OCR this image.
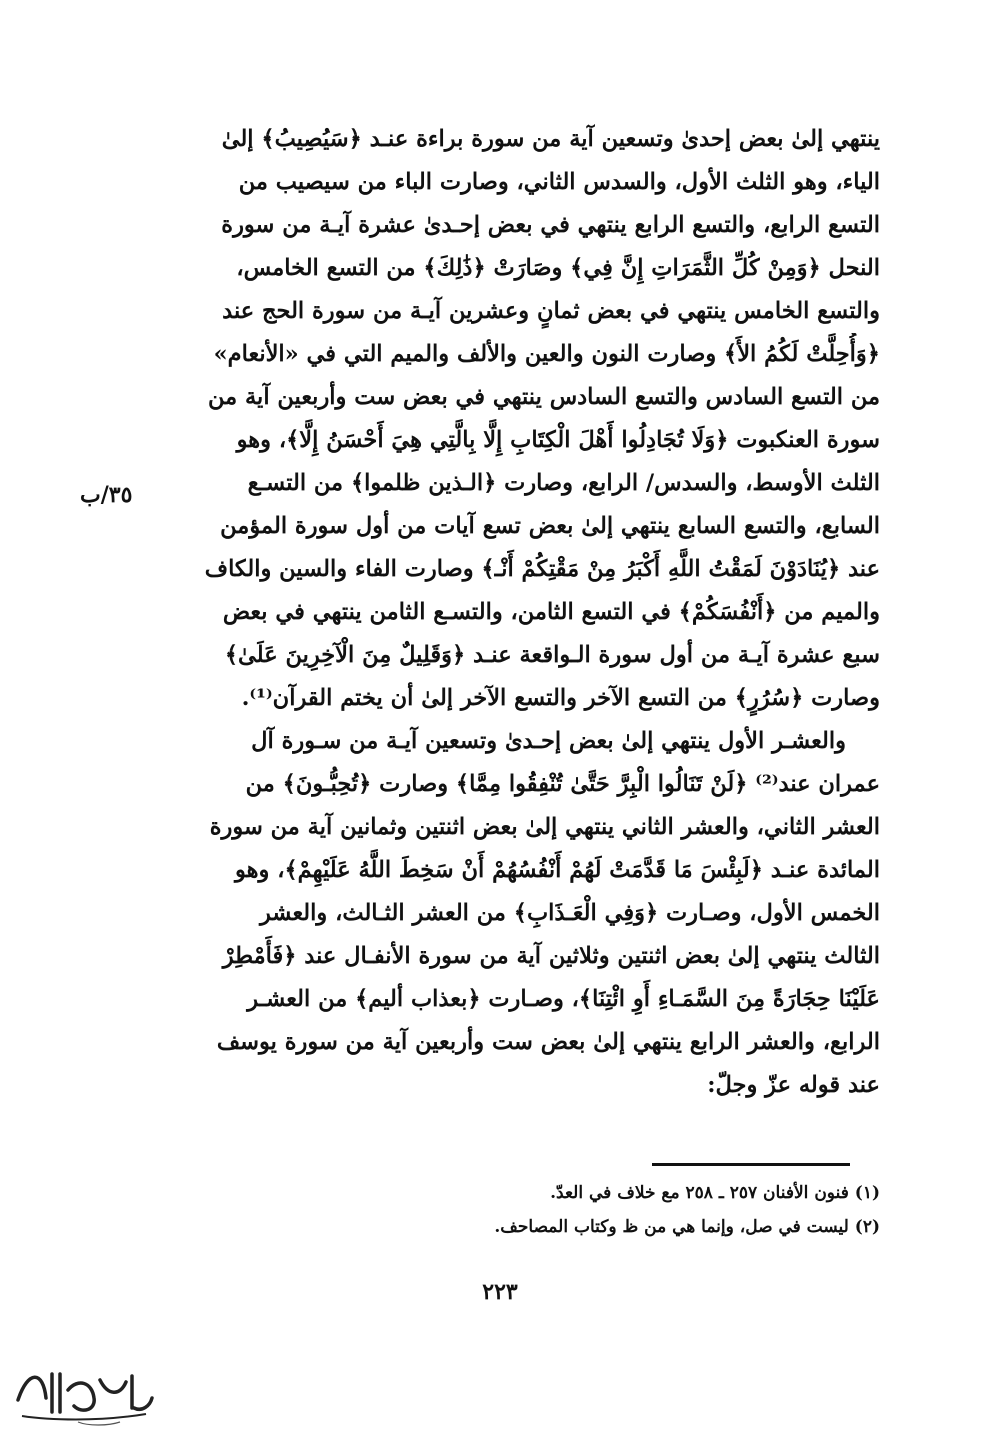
ينتهي إلىٰ بعض إحدىٰ وتسعين آية من سورة براءة عنـد ﴿سَيُصِيبُ﴾ إلىٰ
الياء، وهو الثلث الأول، والسدس الثاني، وصارت الباء من سيصيب من
التسع الرابع، والتسع الرابع ينتهي في بعض إحـدىٰ عشرة آيـة من سورة
النحل ﴿وَمِنْ كُلِّ الثَّمَرَاتِ إِنَّ فِي﴾ وصَارَتْ ﴿ذَٰلِكَ﴾ من التسع الخامس،
والتسع الخامس ينتهي في بعض ثمانٍ وعشرين آيـة من سورة الحج عند
﴿وَأُحِلَّتْ لَكُمُ الأَ﴾ وصارت النون والعين والألف والميم التي في «الأنعام»
من التسع السادس والتسع السادس ينتهي في بعض ست وأربعين آية من
سورة العنكبوت ﴿وَلَا تُجَادِلُوا أَهْلَ الْكِتَابِ إِلَّا بِالَّتِي هِيَ أَحْسَنُ إِلَّا﴾، وهو
الثلث الأوسط، والسدس/ الرابع، وصارت ﴿الـذين ظلموا﴾ من التسـع
السابع، والتسع السابع ينتهي إلىٰ بعض تسع آيات من أول سورة المؤمن
عند ﴿يُنَادَوْنَ لَمَقْتُ اللَّهِ أَكْبَرُ مِنْ مَقْتِكُمْ أَنْـ﴾ وصارت الفاء والسين والكاف
والميم من ﴿أَنْفُسَكُمْ﴾ في التسع الثامن، والتسـع الثامن ينتهي في بعض
سبع عشرة آيـة من أول سورة الـواقعة عنـد ﴿وَقَلِيلٌ مِنَ الْآخِرِينَ عَلَىٰ﴾
وصارت ﴿سُرُرٍ﴾ من التسع الآخر والتسع الآخر إلىٰ أن يختم القرآن⁽¹⁾.
والعشـر الأول ينتهي إلىٰ بعض إحـدىٰ وتسعين آيـة من سـورة آل
عمران عند⁽²⁾ ﴿لَنْ تَنَالُوا الْبِرَّ حَتَّىٰ تُنْفِقُوا مِمَّا﴾ وصارت ﴿تُحِبُّـونَ﴾ من
العشر الثاني، والعشر الثاني ينتهي إلىٰ بعض اثنتين وثمانين آية من سورة
المائدة عنـد ﴿لَبِئْسَ مَا قَدَّمَتْ لَهُمْ أَنْفُسُهُمْ أَنْ سَخِطَ اللَّهُ عَلَيْهِمْ﴾، وهو
الخمس الأول، وصـارت ﴿وَفِي الْعَـذَابِ﴾ من العشر الثـالث، والعشر
الثالث ينتهي إلىٰ بعض اثنتين وثلاثين آية من سورة الأنفـال عند ﴿فَأَمْطِرْ
عَلَيْنَا حِجَارَةً مِنَ السَّمَـاءِ أَوِ ائْتِنَا﴾، وصـارت ﴿بعذاب أليم﴾ من العشـر
الرابع، والعشر الرابع ينتهي إلىٰ بعض ست وأربعين آية من سورة يوسف
عند قوله عزّ وجلّ:
٣٥/ب
(١) فنون الأفنان ٢٥٧ ـ ٢٥٨ مع خلاف في العدّ.
(٢) ليست في صل، وإنما هي من ظ وكتاب المصاحف.
٢٢٣
